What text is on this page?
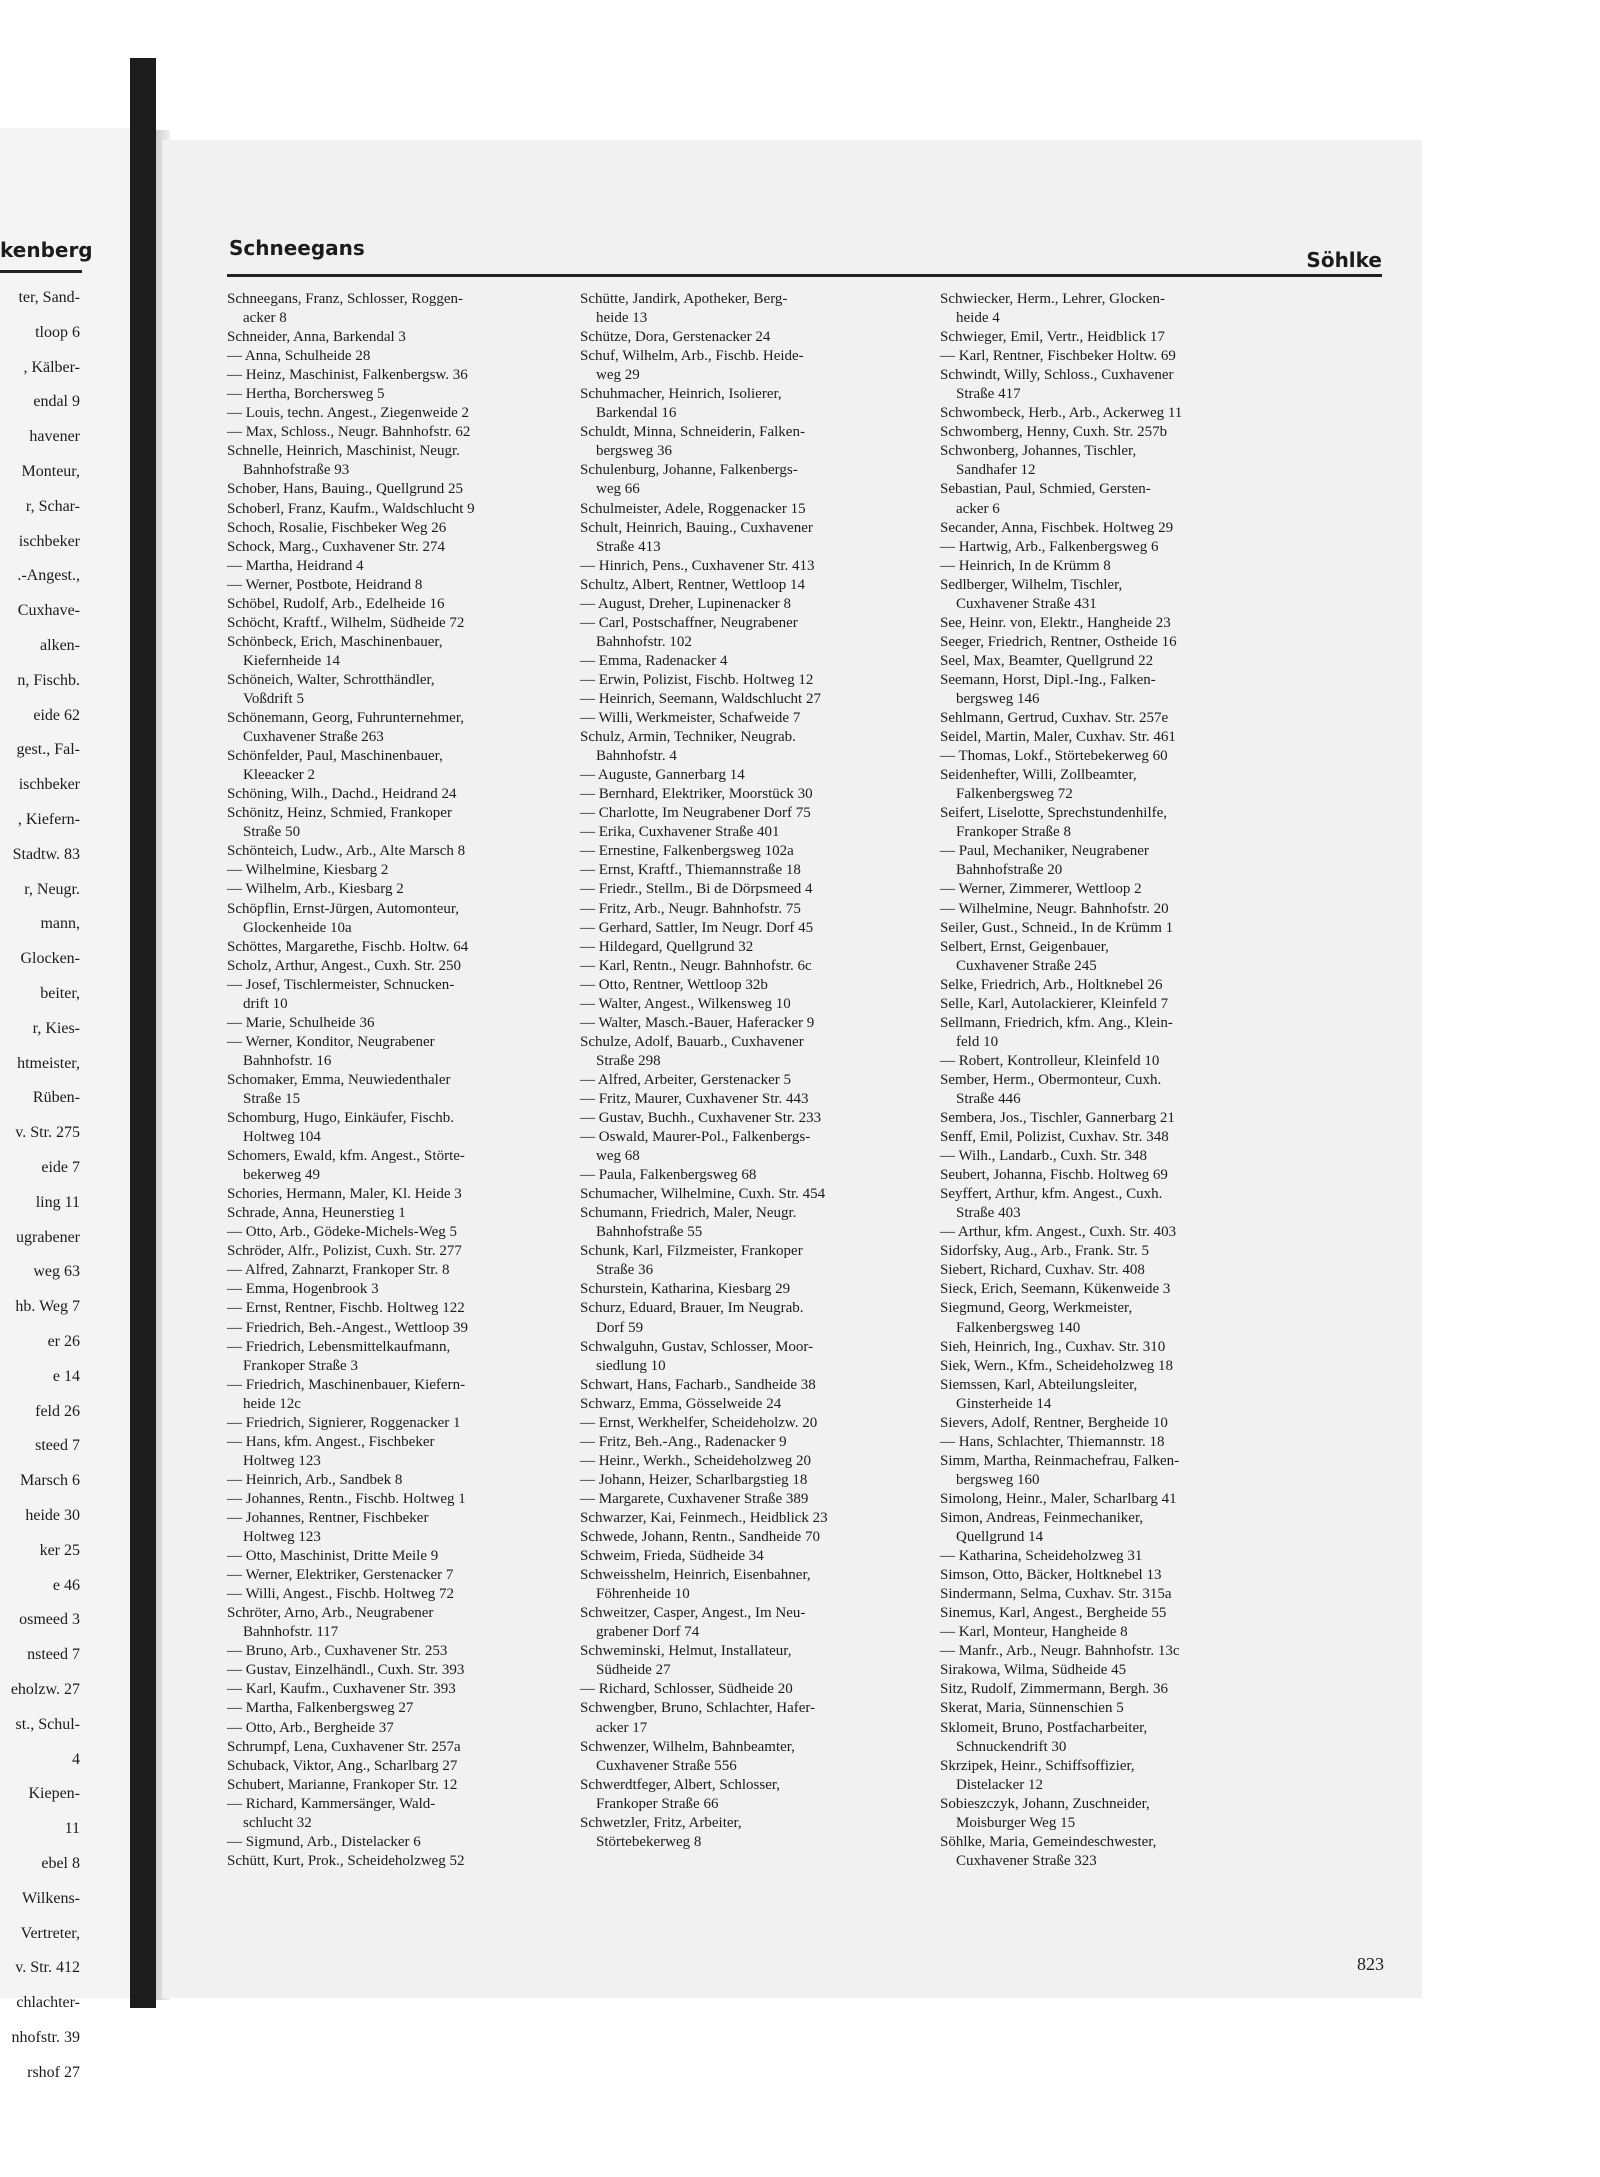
kenberg
ter, Sand-
tloop 6
, Kälber-
endal 9
havener
Monteur,
r, Schar-
ischbeker
.-Angest.,
Cuxhave-
alken-
n, Fischb.
eide 62
gest., Fal-
ischbeker
, Kiefern-
Stadtw. 83
r, Neugr.
mann,
Glocken-
beiter,
r, Kies-
htmeister,
Rüben-
v. Str. 275
eide 7
ling 11
ugrabener
weg 63
hb. Weg 7
er 26
e 14
feld 26
steed 7
Marsch 6
heide 30
ker 25
e 46
osmeed 3
nsteed 7
eholzw. 27
st., Schul-
4
Kiepen-
11
ebel 8
Wilkens-
Vertreter,
v. Str. 412
chlachter-
nhofstr. 39
rshof 27
Schneegans	Söhlke
Schneegans, Franz, Schlosser, Roggen-
acker 8
Schneider, Anna, Barkendal 3
— Anna, Schulheide 28
— Heinz, Maschinist, Falkenbergsw. 36
— Hertha, Borchersweg 5
— Louis, techn. Angest., Ziegenweide 2
— Max, Schloss., Neugr. Bahnhofstr. 62
Schnelle, Heinrich, Maschinist, Neugr.
Bahnhofstraße 93
Schober, Hans, Bauing., Quellgrund 25
Schoberl, Franz, Kaufm., Waldschlucht 9
Schoch, Rosalie, Fischbeker Weg 26
Schock, Marg., Cuxhavener Str. 274
— Martha, Heidrand 4
— Werner, Postbote, Heidrand 8
Schöbel, Rudolf, Arb., Edelheide 16
Schöcht, Kraftf., Wilhelm, Südheide 72
Schönbeck, Erich, Maschinenbauer,
Kiefernheide 14
Schöneich, Walter, Schrotthändler,
Voßdrift 5
Schönemann, Georg, Fuhrunternehmer,
Cuxhavener Straße 263
Schönfelder, Paul, Maschinenbauer,
Kleeacker 2
Schöning, Wilh., Dachd., Heidrand 24
Schönitz, Heinz, Schmied, Frankoper
Straße 50
Schönteich, Ludw., Arb., Alte Marsch 8
— Wilhelmine, Kiesbarg 2
— Wilhelm, Arb., Kiesbarg 2
Schöpflin, Ernst-Jürgen, Automonteur,
Glockenheide 10a
Schöttes, Margarethe, Fischb. Holtw. 64
Scholz, Arthur, Angest., Cuxh. Str. 250
— Josef, Tischlermeister, Schnucken-
drift 10
— Marie, Schulheide 36
— Werner, Konditor, Neugrabener
Bahnhofstr. 16
Schomaker, Emma, Neuwiedenthaler
Straße 15
Schomburg, Hugo, Einkäufer, Fischb.
Holtweg 104
Schomers, Ewald, kfm. Angest., Störte-
bekerweg 49
Schories, Hermann, Maler, Kl. Heide 3
Schrade, Anna, Heunerstieg 1
— Otto, Arb., Gödeke-Michels-Weg 5
Schröder, Alfr., Polizist, Cuxh. Str. 277
— Alfred, Zahnarzt, Frankoper Str. 8
— Emma, Hogenbrook 3
— Ernst, Rentner, Fischb. Holtweg 122
— Friedrich, Beh.-Angest., Wettloop 39
— Friedrich, Lebensmittelkaufmann,
Frankoper Straße 3
— Friedrich, Maschinenbauer, Kiefern-
heide 12c
— Friedrich, Signierer, Roggenacker 1
— Hans, kfm. Angest., Fischbeker
Holtweg 123
— Heinrich, Arb., Sandbek 8
— Johannes, Rentn., Fischb. Holtweg 1
— Johannes, Rentner, Fischbeker
Holtweg 123
— Otto, Maschinist, Dritte Meile 9
— Werner, Elektriker, Gerstenacker 7
— Willi, Angest., Fischb. Holtweg 72
Schröter, Arno, Arb., Neugrabener
Bahnhofstr. 117
— Bruno, Arb., Cuxhavener Str. 253
— Gustav, Einzelhändl., Cuxh. Str. 393
— Karl, Kaufm., Cuxhavener Str. 393
— Martha, Falkenbergsweg 27
— Otto, Arb., Bergheide 37
Schrumpf, Lena, Cuxhavener Str. 257a
Schuback, Viktor, Ang., Scharlbarg 27
Schubert, Marianne, Frankoper Str. 12
— Richard, Kammersänger, Wald-
schlucht 32
— Sigmund, Arb., Distelacker 6
Schütt, Kurt, Prok., Scheideholzweg 52
Schütte, Jandirk, Apotheker, Berg-
heide 13
Schütze, Dora, Gerstenacker 24
Schuf, Wilhelm, Arb., Fischb. Heide-
weg 29
Schuhmacher, Heinrich, Isolierer,
Barkendal 16
Schuldt, Minna, Schneiderin, Falken-
bergsweg 36
Schulenburg, Johanne, Falkenbergs-
weg 66
Schulmeister, Adele, Roggenacker 15
Schult, Heinrich, Bauing., Cuxhavener
Straße 413
— Hinrich, Pens., Cuxhavener Str. 413
Schultz, Albert, Rentner, Wettloop 14
— August, Dreher, Lupinenacker 8
— Carl, Postschaffner, Neugrabener
Bahnhofstr. 102
— Emma, Radenacker 4
— Erwin, Polizist, Fischb. Holtweg 12
— Heinrich, Seemann, Waldschlucht 27
— Willi, Werkmeister, Schafweide 7
Schulz, Armin, Techniker, Neugrab.
Bahnhofstr. 4
— Auguste, Gannerbarg 14
— Bernhard, Elektriker, Moorstück 30
— Charlotte, Im Neugrabener Dorf 75
— Erika, Cuxhavener Straße 401
— Ernestine, Falkenbergsweg 102a
— Ernst, Kraftf., Thiemannstraße 18
— Friedr., Stellm., Bi de Dörpsmeed 4
— Fritz, Arb., Neugr. Bahnhofstr. 75
— Gerhard, Sattler, Im Neugr. Dorf 45
— Hildegard, Quellgrund 32
— Karl, Rentn., Neugr. Bahnhofstr. 6c
— Otto, Rentner, Wettloop 32b
— Walter, Angest., Wilkensweg 10
— Walter, Masch.-Bauer, Haferacker 9
Schulze, Adolf, Bauarb., Cuxhavener
Straße 298
— Alfred, Arbeiter, Gerstenacker 5
— Fritz, Maurer, Cuxhavener Str. 443
— Gustav, Buchh., Cuxhavener Str. 233
— Oswald, Maurer-Pol., Falkenbergs-
weg 68
— Paula, Falkenbergsweg 68
Schumacher, Wilhelmine, Cuxh. Str. 454
Schumann, Friedrich, Maler, Neugr.
Bahnhofstraße 55
Schunk, Karl, Filzmeister, Frankoper
Straße 36
Schurstein, Katharina, Kiesbarg 29
Schurz, Eduard, Brauer, Im Neugrab.
Dorf 59
Schwalguhn, Gustav, Schlosser, Moor-
siedlung 10
Schwart, Hans, Facharb., Sandheide 38
Schwarz, Emma, Gösselweide 24
— Ernst, Werkhelfer, Scheideholzw. 20
— Fritz, Beh.-Ang., Radenacker 9
— Heinr., Werkh., Scheideholzweg 20
— Johann, Heizer, Scharlbargstieg 18
— Margarete, Cuxhavener Straße 389
Schwarzer, Kai, Feinmech., Heidblick 23
Schwede, Johann, Rentn., Sandheide 70
Schweim, Frieda, Südheide 34
Schweisshelm, Heinrich, Eisenbahner,
Föhrenheide 10
Schweitzer, Casper, Angest., Im Neu-
grabener Dorf 74
Schweminski, Helmut, Installateur,
Südheide 27
— Richard, Schlosser, Südheide 20
Schwengber, Bruno, Schlachter, Hafer-
acker 17
Schwenzer, Wilhelm, Bahnbeamter,
Cuxhavener Straße 556
Schwerdtfeger, Albert, Schlosser,
Frankoper Straße 66
Schwetzler, Fritz, Arbeiter,
Störtebekerweg 8
Schwiecker, Herm., Lehrer, Glocken-
heide 4
Schwieger, Emil, Vertr., Heidblick 17
— Karl, Rentner, Fischbeker Holtw. 69
Schwindt, Willy, Schloss., Cuxhavener
Straße 417
Schwombeck, Herb., Arb., Ackerweg 11
Schwomberg, Henny, Cuxh. Str. 257b
Schwonberg, Johannes, Tischler,
Sandhafer 12
Sebastian, Paul, Schmied, Gersten-
acker 6
Secander, Anna, Fischbek. Holtweg 29
— Hartwig, Arb., Falkenbergsweg 6
— Heinrich, In de Krümm 8
Sedlberger, Wilhelm, Tischler,
Cuxhavener Straße 431
See, Heinr. von, Elektr., Hangheide 23
Seeger, Friedrich, Rentner, Ostheide 16
Seel, Max, Beamter, Quellgrund 22
Seemann, Horst, Dipl.-Ing., Falken-
bergsweg 146
Sehlmann, Gertrud, Cuxhav. Str. 257e
Seidel, Martin, Maler, Cuxhav. Str. 461
— Thomas, Lokf., Störtebekerweg 60
Seidenhefter, Willi, Zollbeamter,
Falkenbergsweg 72
Seifert, Liselotte, Sprechstundenhilfe,
Frankoper Straße 8
— Paul, Mechaniker, Neugrabener
Bahnhofstraße 20
— Werner, Zimmerer, Wettloop 2
— Wilhelmine, Neugr. Bahnhofstr. 20
Seiler, Gust., Schneid., In de Krümm 1
Selbert, Ernst, Geigenbauer,
Cuxhavener Straße 245
Selke, Friedrich, Arb., Holtknebel 26
Selle, Karl, Autolackierer, Kleinfeld 7
Sellmann, Friedrich, kfm. Ang., Klein-
feld 10
— Robert, Kontrolleur, Kleinfeld 10
Sember, Herm., Obermonteur, Cuxh.
Straße 446
Sembera, Jos., Tischler, Gannerbarg 21
Senff, Emil, Polizist, Cuxhav. Str. 348
— Wilh., Landarb., Cuxh. Str. 348
Seubert, Johanna, Fischb. Holtweg 69
Seyffert, Arthur, kfm. Angest., Cuxh.
Straße 403
— Arthur, kfm. Angest., Cuxh. Str. 403
Sidorfsky, Aug., Arb., Frank. Str. 5
Siebert, Richard, Cuxhav. Str. 408
Sieck, Erich, Seemann, Kükenweide 3
Siegmund, Georg, Werkmeister,
Falkenbergsweg 140
Sieh, Heinrich, Ing., Cuxhav. Str. 310
Siek, Wern., Kfm., Scheideholzweg 18
Siemssen, Karl, Abteilungsleiter,
Ginsterheide 14
Sievers, Adolf, Rentner, Bergheide 10
— Hans, Schlachter, Thiemannstr. 18
Simm, Martha, Reinmachefrau, Falken-
bergsweg 160
Simolong, Heinr., Maler, Scharlbarg 41
Simon, Andreas, Feinmechaniker,
Quellgrund 14
— Katharina, Scheideholzweg 31
Simson, Otto, Bäcker, Holtknebel 13
Sindermann, Selma, Cuxhav. Str. 315a
Sinemus, Karl, Angest., Bergheide 55
— Karl, Monteur, Hangheide 8
— Manfr., Arb., Neugr. Bahnhofstr. 13c
Sirakowa, Wilma, Südheide 45
Sitz, Rudolf, Zimmermann, Bergh. 36
Skerat, Maria, Sünnenschien 5
Sklomeit, Bruno, Postfacharbeiter,
Schnuckendrift 30
Skrzipek, Heinr., Schiffsoffizier,
Distelacker 12
Sobieszczyk, Johann, Zuschneider,
Moisburger Weg 15
Söhlke, Maria, Gemeindeschwester,
Cuxhavener Straße 323
823
